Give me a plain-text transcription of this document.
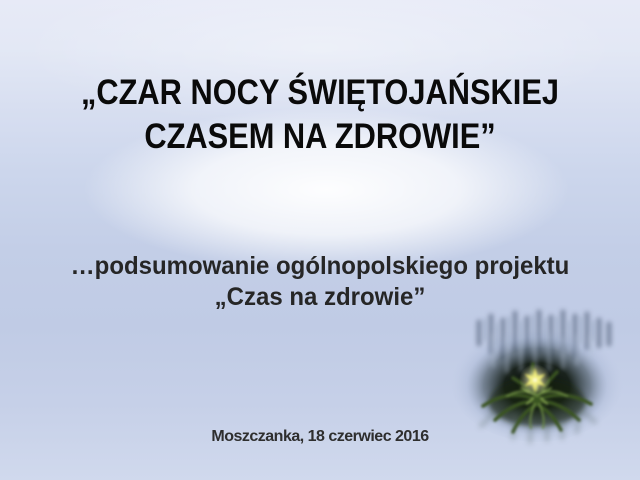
„CZAR NOCY ŚWIĘTOJAŃSKIEJ
CZASEM NA ZDROWIE”
…podsumowanie ogólnopolskiego projektu
„Czas na zdrowie”
Moszczanka, 18 czerwiec 2016
